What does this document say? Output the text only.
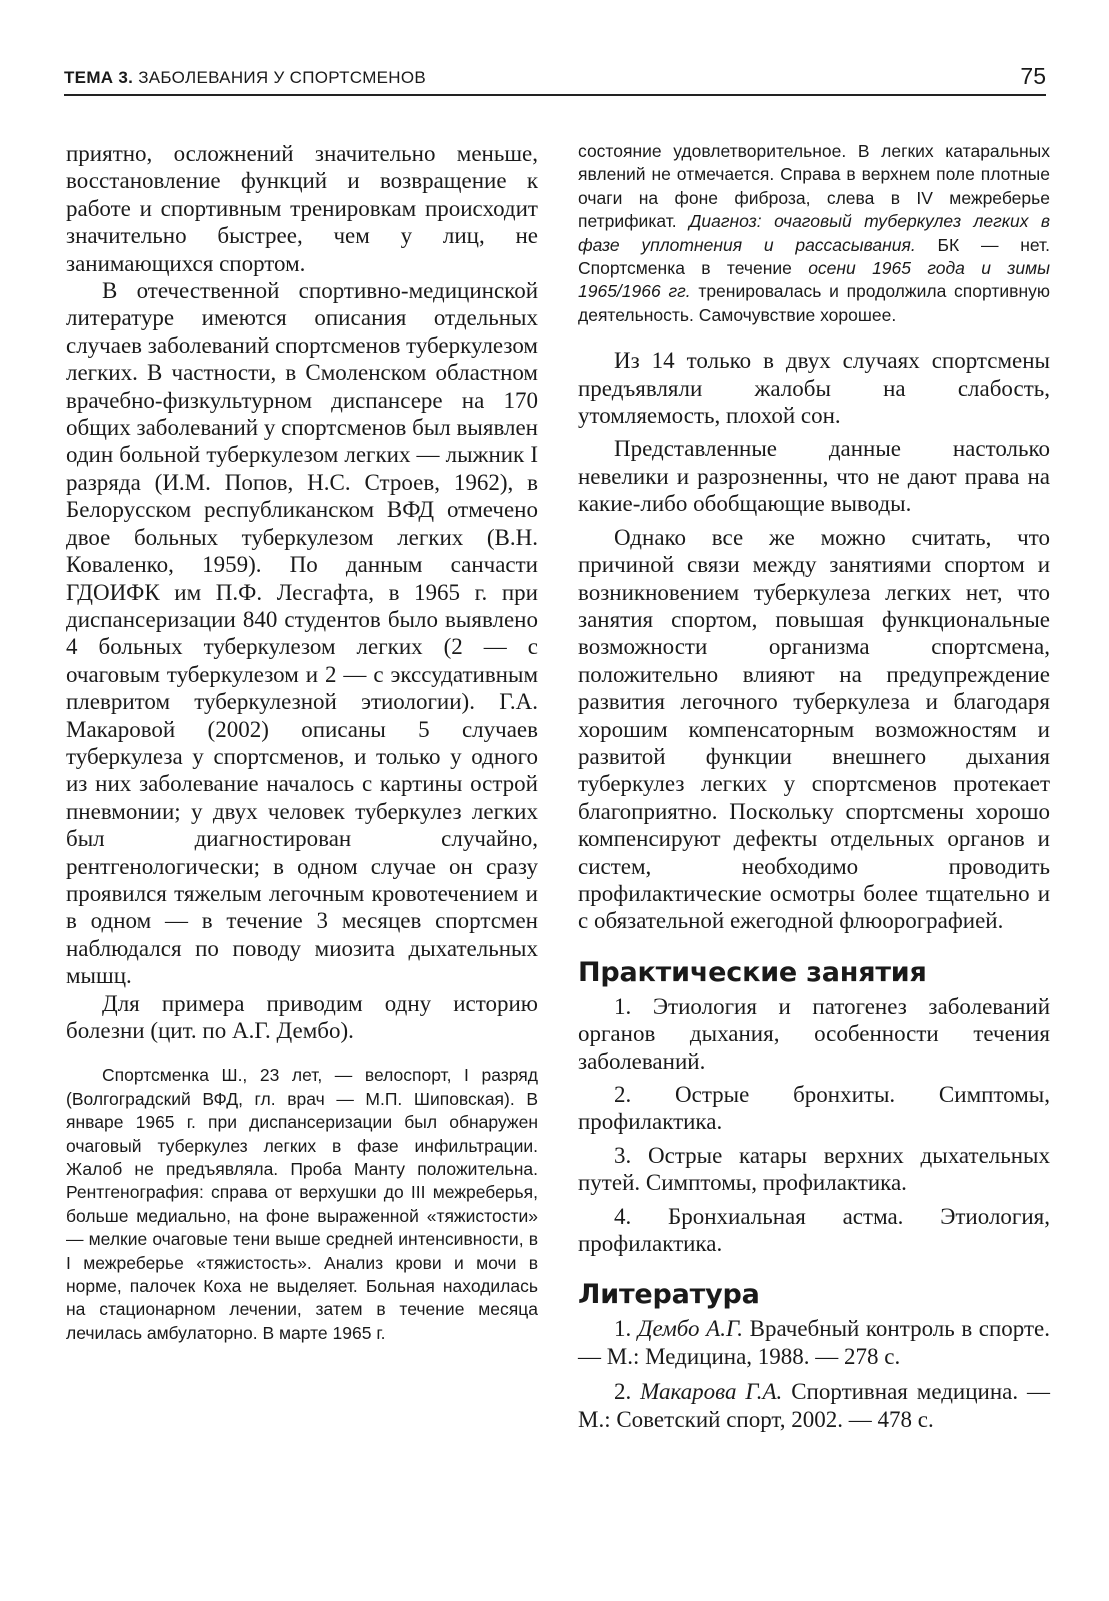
ТЕМА 3. ЗАБОЛЕВАНИЯ У СПОРТСМЕНОВ	75

приятно, осложнений значительно меньше, восстановление функций и возвращение к работе и спортивным тренировкам происходит значительно быстрее, чем у лиц, не занимающихся спортом.

В отечественной спортивно-медицинской литературе имеются описания отдельных случаев заболеваний спортсменов туберкулезом легких. В частности, в Смоленском областном врачебно-физкультурном диспансере на 170 общих заболеваний у спортсменов был выявлен один больной туберкулезом легких — лыжник I разряда (И.М. Попов, Н.С. Строев, 1962), в Белорусском республиканском ВФД отмечено двое больных туберкулезом легких (В.Н. Коваленко, 1959). По данным санчасти ГДОИФК им П.Ф. Лесгафта, в 1965 г. при диспансеризации 840 студентов было выявлено 4 больных туберкулезом легких (2 — с очаговым туберкулезом и 2 — с экссудативным плевритом туберкулезной этиологии). Г.А. Макаровой (2002) описаны 5 случаев туберкулеза у спортсменов, и только у одного из них заболевание началось с картины острой пневмонии; у двух человек туберкулез легких был диагностирован случайно, рентгенологически; в одном случае он сразу проявился тяжелым легочным кровотечением и в одном — в течение 3 месяцев спортсмен наблюдался по поводу миозита дыхательных мышц.

Для примера приводим одну историю болезни (цит. по А.Г. Дембо).

Спортсменка Ш., 23 лет, — велоспорт, I разряд (Волгоградский ВФД, гл. врач — М.П. Шиповская). В январе 1965 г. при диспансеризации был обнаружен очаговый туберкулез легких в фазе инфильтрации. Жалоб не предъявляла. Проба Манту положительна. Рентгенография: справа от верхушки до III межреберья, больше медиально, на фоне выраженной «тяжистости» — мелкие очаговые тени выше средней интенсивности, в I межреберье «тяжистость». Анализ крови и мочи в норме, палочек Коха не выделяет. Больная находилась на стационарном лечении, затем в течение месяца лечилась амбулаторно. В марте 1965 г.

состояние удовлетворительное. В легких катаральных явлений не отмечается. Справа в верхнем поле плотные очаги на фоне фиброза, слева в IV межреберье петрификат. Диагноз: очаговый туберкулез легких в фазе уплотнения и рассасывания. БК — нет. Спортсменка в течение осени 1965 года и зимы 1965/1966 гг. тренировалась и продолжила спортивную деятельность. Самочувствие хорошее.

Из 14 только в двух случаях спортсмены предъявляли жалобы на слабость, утомляемость, плохой сон.

Представленные данные настолько невелики и разрозненны, что не дают права на какие-либо обобщающие выводы.

Однако все же можно считать, что причиной связи между занятиями спортом и возникновением туберкулеза легких нет, что занятия спортом, повышая функциональные возможности организма спортсмена, положительно влияют на предупреждение развития легочного туберкулеза и благодаря хорошим компенсаторным возможностям и развитой функции внешнего дыхания туберкулез легких у спортсменов протекает благоприятно. Поскольку спортсмены хорошо компенсируют дефекты отдельных органов и систем, необходимо проводить профилактические осмотры более тщательно и с обязательной ежегодной флюорографией.

Практические занятия

1. Этиология и патогенез заболеваний органов дыхания, особенности течения заболеваний.

2. Острые бронхиты. Симптомы, профилактика.

3. Острые катары верхних дыхательных путей. Симптомы, профилактика.

4. Бронхиальная астма. Этиология, профилактика.

Литература

1. Дембо А.Г. Врачебный контроль в спорте. — М.: Медицина, 1988. — 278 с.

2. Макарова Г.А. Спортивная медицина. — М.: Советский спорт, 2002. — 478 с.
